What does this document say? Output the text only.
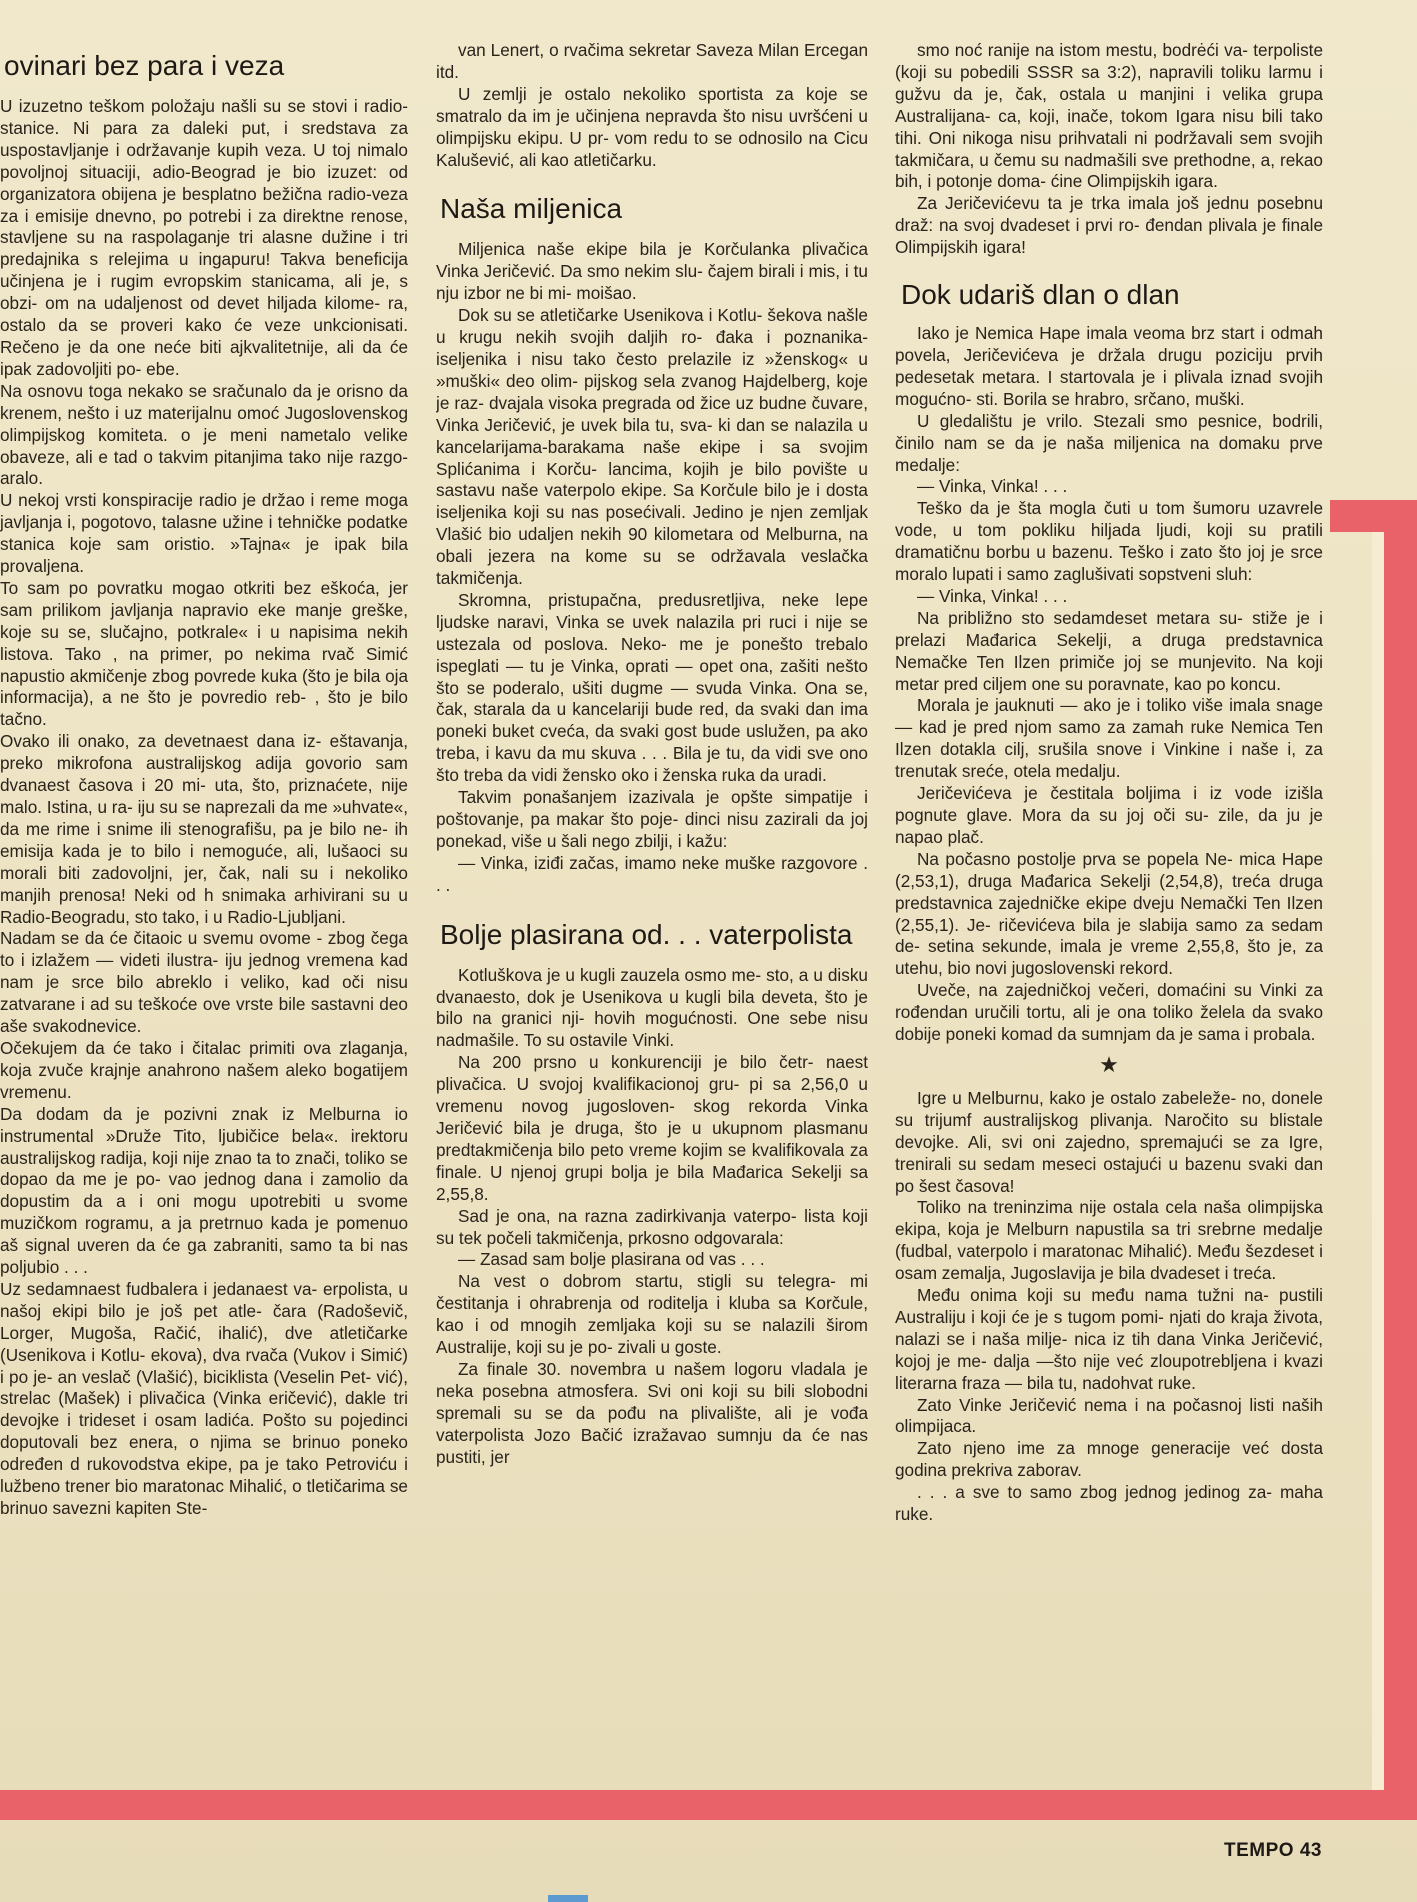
ovinari bez para i veza

U izuzetno teškom položaju našli su se stovi i radio-stanice. Ni para za daleki put, i sredstava za uspostavljanje i održavanje kupih veza. U toj nimalo povoljnoj situaciji, adio-Beograd je bio izuzet: od organizatora obijena je besplatno bežična radio-veza za i emisije dnevno, po potrebi i za direktne renose, stavljene su na raspolaganje tri alasne dužine i tri predajnika s relejima u ingapuru! Takva beneficija učinjena je i rugim evropskim stanicama, ali je, s obzi- om na udaljenost od devet hiljada kilome- ra, ostalo da se proveri kako će veze unkcionisati. Rečeno je da one neće biti ajkvalitetnije, ali da će ipak zadovoljiti po- ebe.

Na osnovu toga nekako se sračunalo da je orisno da krenem, nešto i uz materijalnu omoć Jugoslovenskog olimpijskog komiteta. o je meni nametalo velike obaveze, ali e tad o takvim pitanjima tako nije razgo- aralo.

U nekoj vrsti konspiracije radio je držao i reme moga javljanja i, pogotovo, talasne užine i tehničke podatke stanica koje sam oristio. »Tajna« je ipak bila provaljena.

To sam po povratku mogao otkriti bez eškoća, jer sam prilikom javljanja napravio eke manje greške, koje su se, slučajno, potkrale« i u napisima nekih listova. Tako , na primer, po nekima rvač Simić napustio akmičenje zbog povrede kuka (što je bila oja informacija), a ne što je povredio reb- , što je bilo tačno.

Ovako ili onako, za devetnaest dana iz- eštavanja, preko mikrofona australijskog adija govorio sam dvanaest časova i 20 mi- uta, što, priznaćete, nije malo. Istina, u ra- iju su se naprezali da me »uhvate«, da me rime i snime ili stenografišu, pa je bilo ne- ih emisija kada je to bilo i nemoguće, ali, lušaoci su morali biti zadovoljni, jer, čak, nali su i nekoliko manjih prenosa! Neki od h snimaka arhivirani su u Radio-Beogradu, sto tako, i u Radio-Ljubljani.

Nadam se da će čitaoic u svemu ovome - zbog čega to i izlažem — videti ilustra- iju jednog vremena kad nam je srce bilo abreklo i veliko, kad oči nisu zatvarane i ad su teškoće ove vrste bile sastavni deo aše svakodnevice.

Očekujem da će tako i čitalac primiti ova zlaganja, koja zvuče krajnje anahrono našem aleko bogatijem vremenu.

Da dodam da je pozivni znak iz Melburna io instrumental »Druže Tito, ljubičice bela«. irektoru australijskog radija, koji nije znao ta to znači, toliko se dopao da me je po- vao jednog dana i zamolio da dopustim da a i oni mogu upotrebiti u svome muzičkom rogramu, a ja pretrnuo kada je pomenuo aš signal uveren da će ga zabraniti, samo ta bi nas poljubio . . .

Uz sedamnaest fudbalera i jedanaest va- erpolista, u našoj ekipi bilo je još pet atle- čara (Radoševič, Lorger, Mugoša, Račić, ihalić), dve atletičarke (Usenikova i Kotlu- ekova), dva rvača (Vukov i Simić) i po je- an veslač (Vlašić), biciklista (Veselin Pet- vić), strelac (Mašek) i plivačica (Vinka eričević), dakle tri devojke i trideset i osam ladića. Pošto su pojedinci doputovali bez enera, o njima se brinuo poneko određen d rukovodstva ekipe, pa je tako Petroviću i lužbeno trener bio maratonac Mihalić, o tletičarima se brinuo savezni kapiten Ste-

van Lenert, o rvačima sekretar Saveza Milan Ercegan itd.

U zemlji je ostalo nekoliko sportista za koje se smatralo da im je učinjena nepravda što nisu uvršćeni u olimpijsku ekipu. U pr- vom redu to se odnosilo na Cicu Kalušević, ali kao atletičarku.

Naša miljenica

Miljenica naše ekipe bila je Korčulanka plivačica Vinka Jeričević. Da smo nekim slu- čajem birali i mis, i tu nju izbor ne bi mi- moišao.

Dok su se atletičarke Usenikova i Kotlu- šekova našle u krugu nekih svojih daljih ro- đaka i poznanika-iseljenika i nisu tako često prelazile iz »ženskog« u »muški« deo olim- pijskog sela zvanog Hajdelberg, koje je raz- dvajala visoka pregrada od žice uz budne čuvare, Vinka Jeričević, je uvek bila tu, sva- ki dan se nalazila u kancelarijama-barakama naše ekipe i sa svojim Splićanima i Korču- lancima, kojih je bilo povište u sastavu naše vaterpolo ekipe. Sa Korčule bilo je i dosta iseljenika koji su nas posećivali. Jedino je njen zemljak Vlašić bio udaljen nekih 90 kilometara od Melburna, na obali jezera na kome su se održavala veslačka takmičenja.

Skromna, pristupačna, predusretljiva, neke lepe ljudske naravi, Vinka se uvek nalazila pri ruci i nije se ustezala od poslova. Neko- me je ponešto trebalo ispeglati — tu je Vinka, oprati — opet ona, zašiti nešto što se poderalo, ušiti dugme — svuda Vinka. Ona se, čak, starala da u kancelariji bude red, da svaki dan ima poneki buket cveća, da svaki gost bude uslužen, pa ako treba, i kavu da mu skuva . . . Bila je tu, da vidi sve ono što treba da vidi žensko oko i ženska ruka da uradi.

Takvim ponašanjem izazivala je opšte simpatije i poštovanje, pa makar što poje- dinci nisu zazirali da joj ponekad, više u šali nego zbilji, i kažu:

— Vinka, iziđi začas, imamo neke muške razgovore . . .

Bolje plasirana od. . . vaterpolista

Kotluškova je u kugli zauzela osmo me- sto, a u disku dvanaesto, dok je Usenikova u kugli bila deveta, što je bilo na granici nji- hovih mogućnosti. One sebe nisu nadmašile. To su ostavile Vinki.

Na 200 prsno u konkurenciji je bilo četr- naest plivačica. U svojoj kvalifikacionoj gru- pi sa 2,56,0 u vremenu novog jugosloven- skog rekorda Vinka Jeričević bila je druga, što je u ukupnom plasmanu predtakmičenja bilo peto vreme kojim se kvalifikovala za finale. U njenoj grupi bolja je bila Mađarica Sekelji sa 2,55,8.

Sad je ona, na razna zadirkivanja vaterpo- lista koji su tek počeli takmičenja, prkosno odgovarala:

— Zasad sam bolje plasirana od vas . . .

Na vest o dobrom startu, stigli su telegra- mi čestitanja i ohrabrenja od roditelja i kluba sa Korčule, kao i od mnogih zemljaka koji su se nalazili širom Australije, koji su je po- zivali u goste.

Za finale 30. novembra u našem logoru vladala je neka posebna atmosfera. Svi oni koji su bili slobodni spremali su se da pođu na plivalište, ali je vođa vaterpolista Jozo Bačić izražavao sumnju da će nas pustiti, jer

smo noć ranije na istom mestu, bodrėći va- terpoliste (koji su pobedili SSSR sa 3:2), napravili toliku larmu i gužvu da je, čak, ostala u manjini i velika grupa Australijana- ca, koji, inače, tokom Igara nisu bili tako tihi. Oni nikoga nisu prihvatali ni podržavali sem svojih takmičara, u čemu su nadmašili sve prethodne, a, rekao bih, i potonje doma- ćine Olimpijskih igara.

Za Jeričevićevu ta je trka imala još jednu posebnu draž: na svoj dvadeset i prvi ro- đendan plivala je finale Olimpijskih igara!

Dok udariš dlan o dlan

Iako je Nemica Hape imala veoma brz start i odmah povela, Jeričevićeva je držala drugu poziciju prvih pedesetak metara. I startovala je i plivala iznad svojih mogućno- sti. Borila se hrabro, srčano, muški.

U gledalištu je vrilo. Stezali smo pesnice, bodrili, činilo nam se da je naša miljenica na domaku prve medalje:

— Vinka, Vinka! . . .

Teško da je šta mogla čuti u tom šumoru uzavrele vode, u tom pokliku hiljada ljudi, koji su pratili dramatičnu borbu u bazenu. Teško i zato što joj je srce moralo lupati i samo zaglušivati sopstveni sluh:

— Vinka, Vinka! . . .

Na približno sto sedamdeset metara su- stiže je i prelazi Mađarica Sekelji, a druga predstavnica Nemačke Ten Ilzen primiče joj se munjevito. Na koji metar pred ciljem one su poravnate, kao po koncu.

Morala je jauknuti — ako je i toliko više imala snage — kad je pred njom samo za zamah ruke Nemica Ten Ilzen dotakla cilj, srušila snove i Vinkine i naše i, za trenutak sreće, otela medalju.

Jeričevićeva je čestitala boljima i iz vode izišla pognute glave. Mora da su joj oči su- zile, da ju je napao plač.

Na počasno postolje prva se popela Ne- mica Hape (2,53,1), druga Mađarica Sekelji (2,54,8), treća druga predstavnica zajedničke ekipe dveju Nemački Ten Ilzen (2,55,1). Je- ričevićeva bila je slabija samo za sedam de- setina sekunde, imala je vreme 2,55,8, što je, za utehu, bio novi jugoslovenski rekord.

Uveče, na zajedničkoj večeri, domaćini su Vinki za rođendan uručili tortu, ali je ona toliko želela da svako dobije poneki komad da sumnjam da je sama i probala.

★

Igre u Melburnu, kako je ostalo zabeleže- no, donele su trijumf australijskog plivanja. Naročito su blistale devojke. Ali, svi oni zajedno, spremajući se za Igre, trenirali su sedam meseci ostajući u bazenu svaki dan po šest časova!

Toliko na treninzima nije ostala cela naša olimpijska ekipa, koja je Melburn napustila sa tri srebrne medalje (fudbal, vaterpolo i maratonac Mihalić). Među šezdeset i osam zemalja, Jugoslavija je bila dvadeset i treća.

Među onima koji su među nama tužni na- pustili Australiju i koji će je s tugom pomi- njati do kraja života, nalazi se i naša milje- nica iz tih dana Vinka Jeričević, kojoj je me- dalja —što nije već zloupotrebljena i kvazi literarna fraza — bila tu, nadohvat ruke.

Zato Vinke Jeričević nema i na počasnoj listi naših olimpijaca.

Zato njeno ime za mnoge generacije već dosta godina prekriva zaborav.

. . . a sve to samo zbog jednog jedinog za- maha ruke.

TEMPO 43
